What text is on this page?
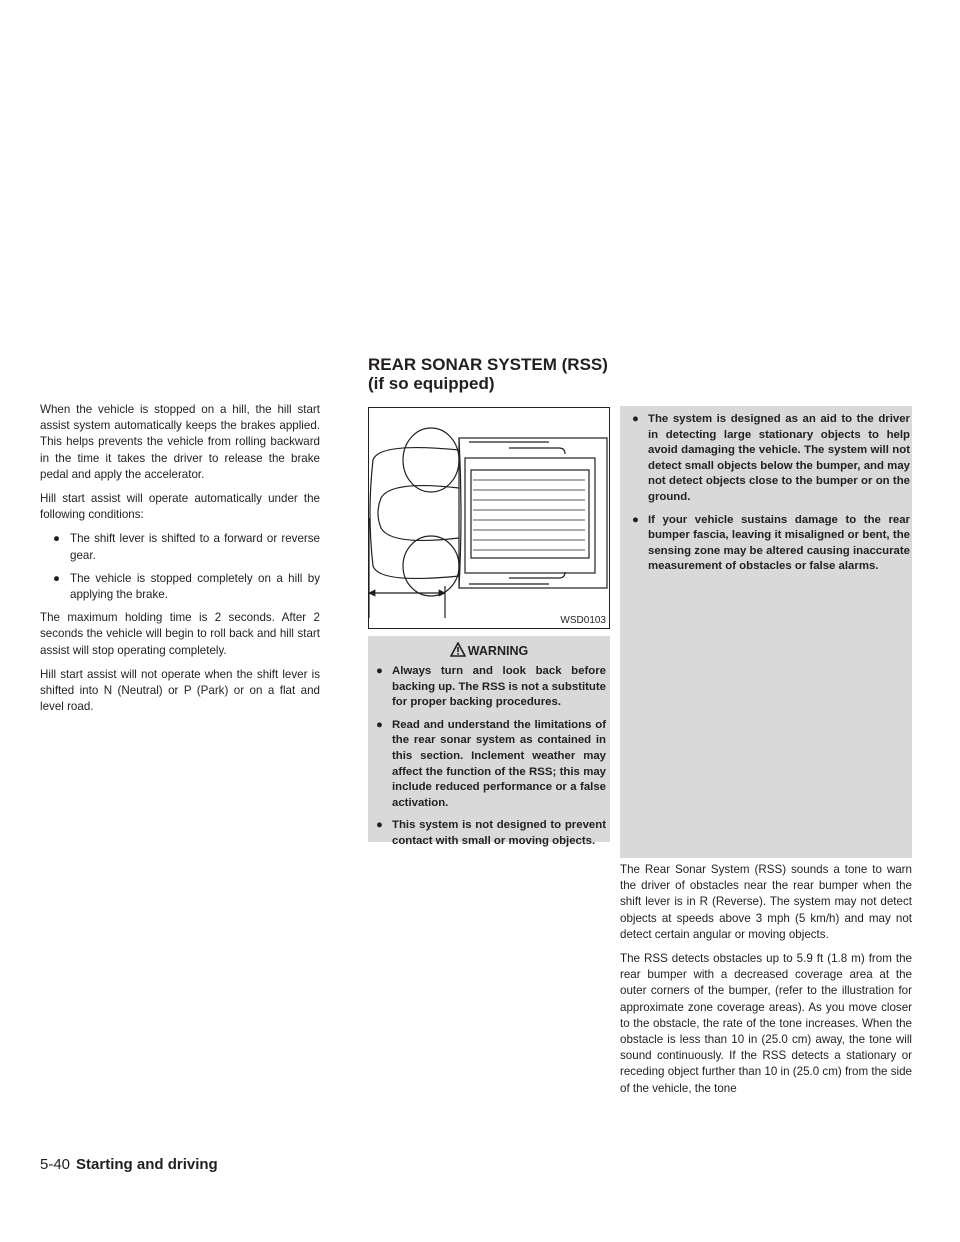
REAR SONAR SYSTEM (RSS) (if so equipped)

When the vehicle is stopped on a hill, the hill start assist system automatically keeps the brakes applied. This helps prevents the vehicle from rolling backward in the time it takes the driver to release the brake pedal and apply the accelerator.

Hill start assist will operate automatically under the following conditions:

● The shift lever is shifted to a forward or reverse gear.
● The vehicle is stopped completely on a hill by applying the brake.

The maximum holding time is 2 seconds. After 2 seconds the vehicle will begin to roll back and hill start assist will stop operating completely.

Hill start assist will not operate when the shift lever is shifted into N (Neutral) or P (Park) or on a flat and level road.

WSD0103
WARNING
● Always turn and look back before backing up. The RSS is not a substitute for proper backing procedures.
● Read and understand the limitations of the rear sonar system as contained in this section. Inclement weather may affect the function of the RSS; this may include reduced performance or a false activation.
● This system is not designed to prevent contact with small or moving objects.
● The system is designed as an aid to the driver in detecting large stationary objects to help avoid damaging the vehicle. The system will not detect small objects below the bumper, and may not detect objects close to the bumper or on the ground.
● If your vehicle sustains damage to the rear bumper fascia, leaving it misaligned or bent, the sensing zone may be altered causing inaccurate measurement of obstacles or false alarms.

The Rear Sonar System (RSS) sounds a tone to warn the driver of obstacles near the rear bumper when the shift lever is in R (Reverse). The system may not detect objects at speeds above 3 mph (5 km/h) and may not detect certain angular or moving objects.

The RSS detects obstacles up to 5.9 ft (1.8 m) from the rear bumper with a decreased coverage area at the outer corners of the bumper, (refer to the illustration for approximate zone coverage areas). As you move closer to the obstacle, the rate of the tone increases. When the obstacle is less than 10 in (25.0 cm) away, the tone will sound continuously. If the RSS detects a stationary or receding object further than 10 in (25.0 cm) from the side of the vehicle, the tone

5-40 Starting and driving
